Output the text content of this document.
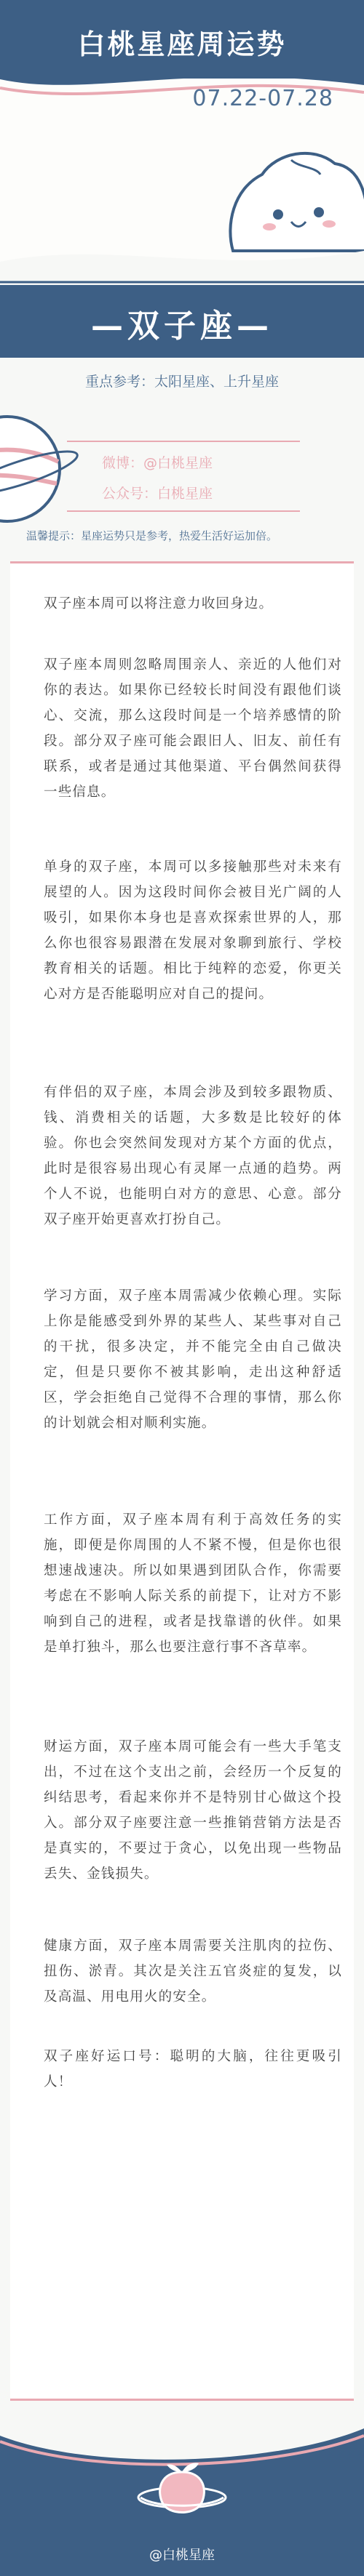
白桃星座周运势
07.22-07.28
—双子座—
重点参考：太阳星座、上升星座
微博：@白桃星座
公众号：白桃星座
温馨提示：星座运势只是参考，热爱生活好运加倍。
双子座本周可以将注意力收回身边。
双子座本周则忽略周围亲人、亲近的人他们对你的表达。如果你已经较长时间没有跟他们谈心、交流，那么这段时间是一个培养感情的阶段。部分双子座可能会跟旧人、旧友、前任有联系，或者是通过其他渠道、平台偶然间获得一些信息。
单身的双子座，本周可以多接触那些对未来有展望的人。因为这段时间你会被目光广阔的人吸引，如果你本身也是喜欢探索世界的人，那么你也很容易跟潜在发展对象聊到旅行、学校教育相关的话题。相比于纯粹的恋爱，你更关心对方是否能聪明应对自己的提问。
有伴侣的双子座，本周会涉及到较多跟物质、钱、消费相关的话题，大多数是比较好的体验。你也会突然间发现对方某个方面的优点，此时是很容易出现心有灵犀一点通的趋势。两个人不说，也能明白对方的意思、心意。部分双子座开始更喜欢打扮自己。
学习方面，双子座本周需减少依赖心理。实际上你是能感受到外界的某些人、某些事对自己的干扰，很多决定，并不能完全由自己做决定，但是只要你不被其影响，走出这种舒适区，学会拒绝自己觉得不合理的事情，那么你的计划就会相对顺利实施。
工作方面，双子座本周有利于高效任务的实施，即便是你周围的人不紧不慢，但是你也很想速战速决。所以如果遇到团队合作，你需要考虑在不影响人际关系的前提下，让对方不影响到自己的进程，或者是找靠谱的伙伴。如果是单打独斗，那么也要注意行事不吝草率。
财运方面，双子座本周可能会有一些大手笔支出，不过在这个支出之前，会经历一个反复的纠结思考，看起来你并不是特别甘心做这个投入。部分双子座要注意一些推销营销方法是否是真实的，不要过于贪心，以免出现一些物品丢失、金钱损失。
健康方面，双子座本周需要关注肌肉的拉伤、扭伤、淤青。其次是关注五官炎症的复发，以及高温、用电用火的安全。
双子座好运口号：聪明的大脑，往往更吸引人！
@白桃星座
